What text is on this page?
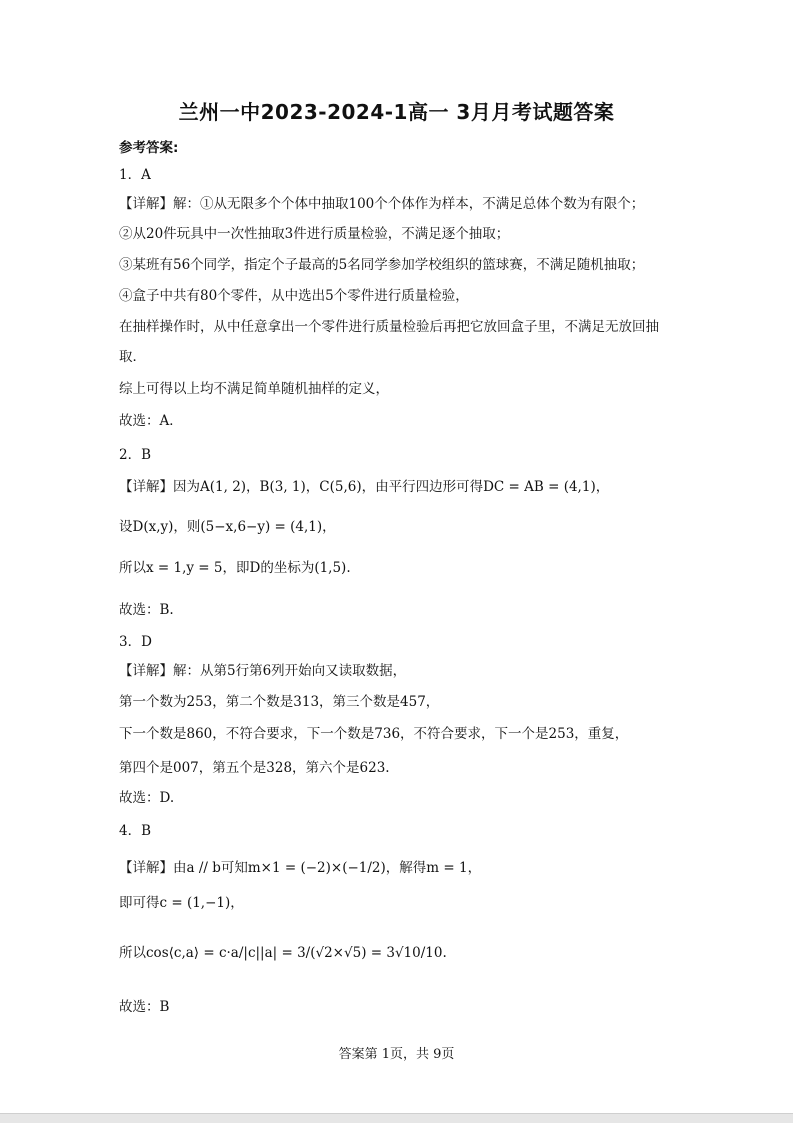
兰州一中2023-2024-1高一 3月月考试题答案
参考答案:
1．A
【详解】解：①从无限多个个体中抽取100个个体作为样本，不满足总体个数为有限个；
②从20件玩具中一次性抽取3件进行质量检验，不满足逐个抽取；
③某班有56个同学，指定个子最高的5名同学参加学校组织的篮球赛，不满足随机抽取；
④盒子中共有80个零件，从中选出5个零件进行质量检验，
在抽样操作时，从中任意拿出一个零件进行质量检验后再把它放回盒子里，不满足无放回抽
取．
综上可得以上均不满足简单随机抽样的定义，
故选：A．
2．B
【详解】因为A(1, 2)，B(3, 1)，C(5,6)，由平行四边形可得DC = AB = (4,1)，
设D(x,y)，则(5−x,6−y) = (4,1)，
所以x = 1,y = 5，即D的坐标为(1,5).
故选：B.
3．D
【详解】解：从第5行第6列开始向又读取数据，
第一个数为253，第二个数是313，第三个数是457，
下一个数是860，不符合要求，下一个数是736，不符合要求，下一个是253，重复，
第四个是007，第五个是328，第六个是623.
故选：D.
4．B
【详解】由a // b可知m×1 = (−2)×(−1/2)，解得m = 1，
即可得c = (1,−1)，
所以cos⟨c,a⟩ = c·a/|c||a| = 3/(√2×√5) = 3√10/10.
故选：B
答案第 1页，共 9页
